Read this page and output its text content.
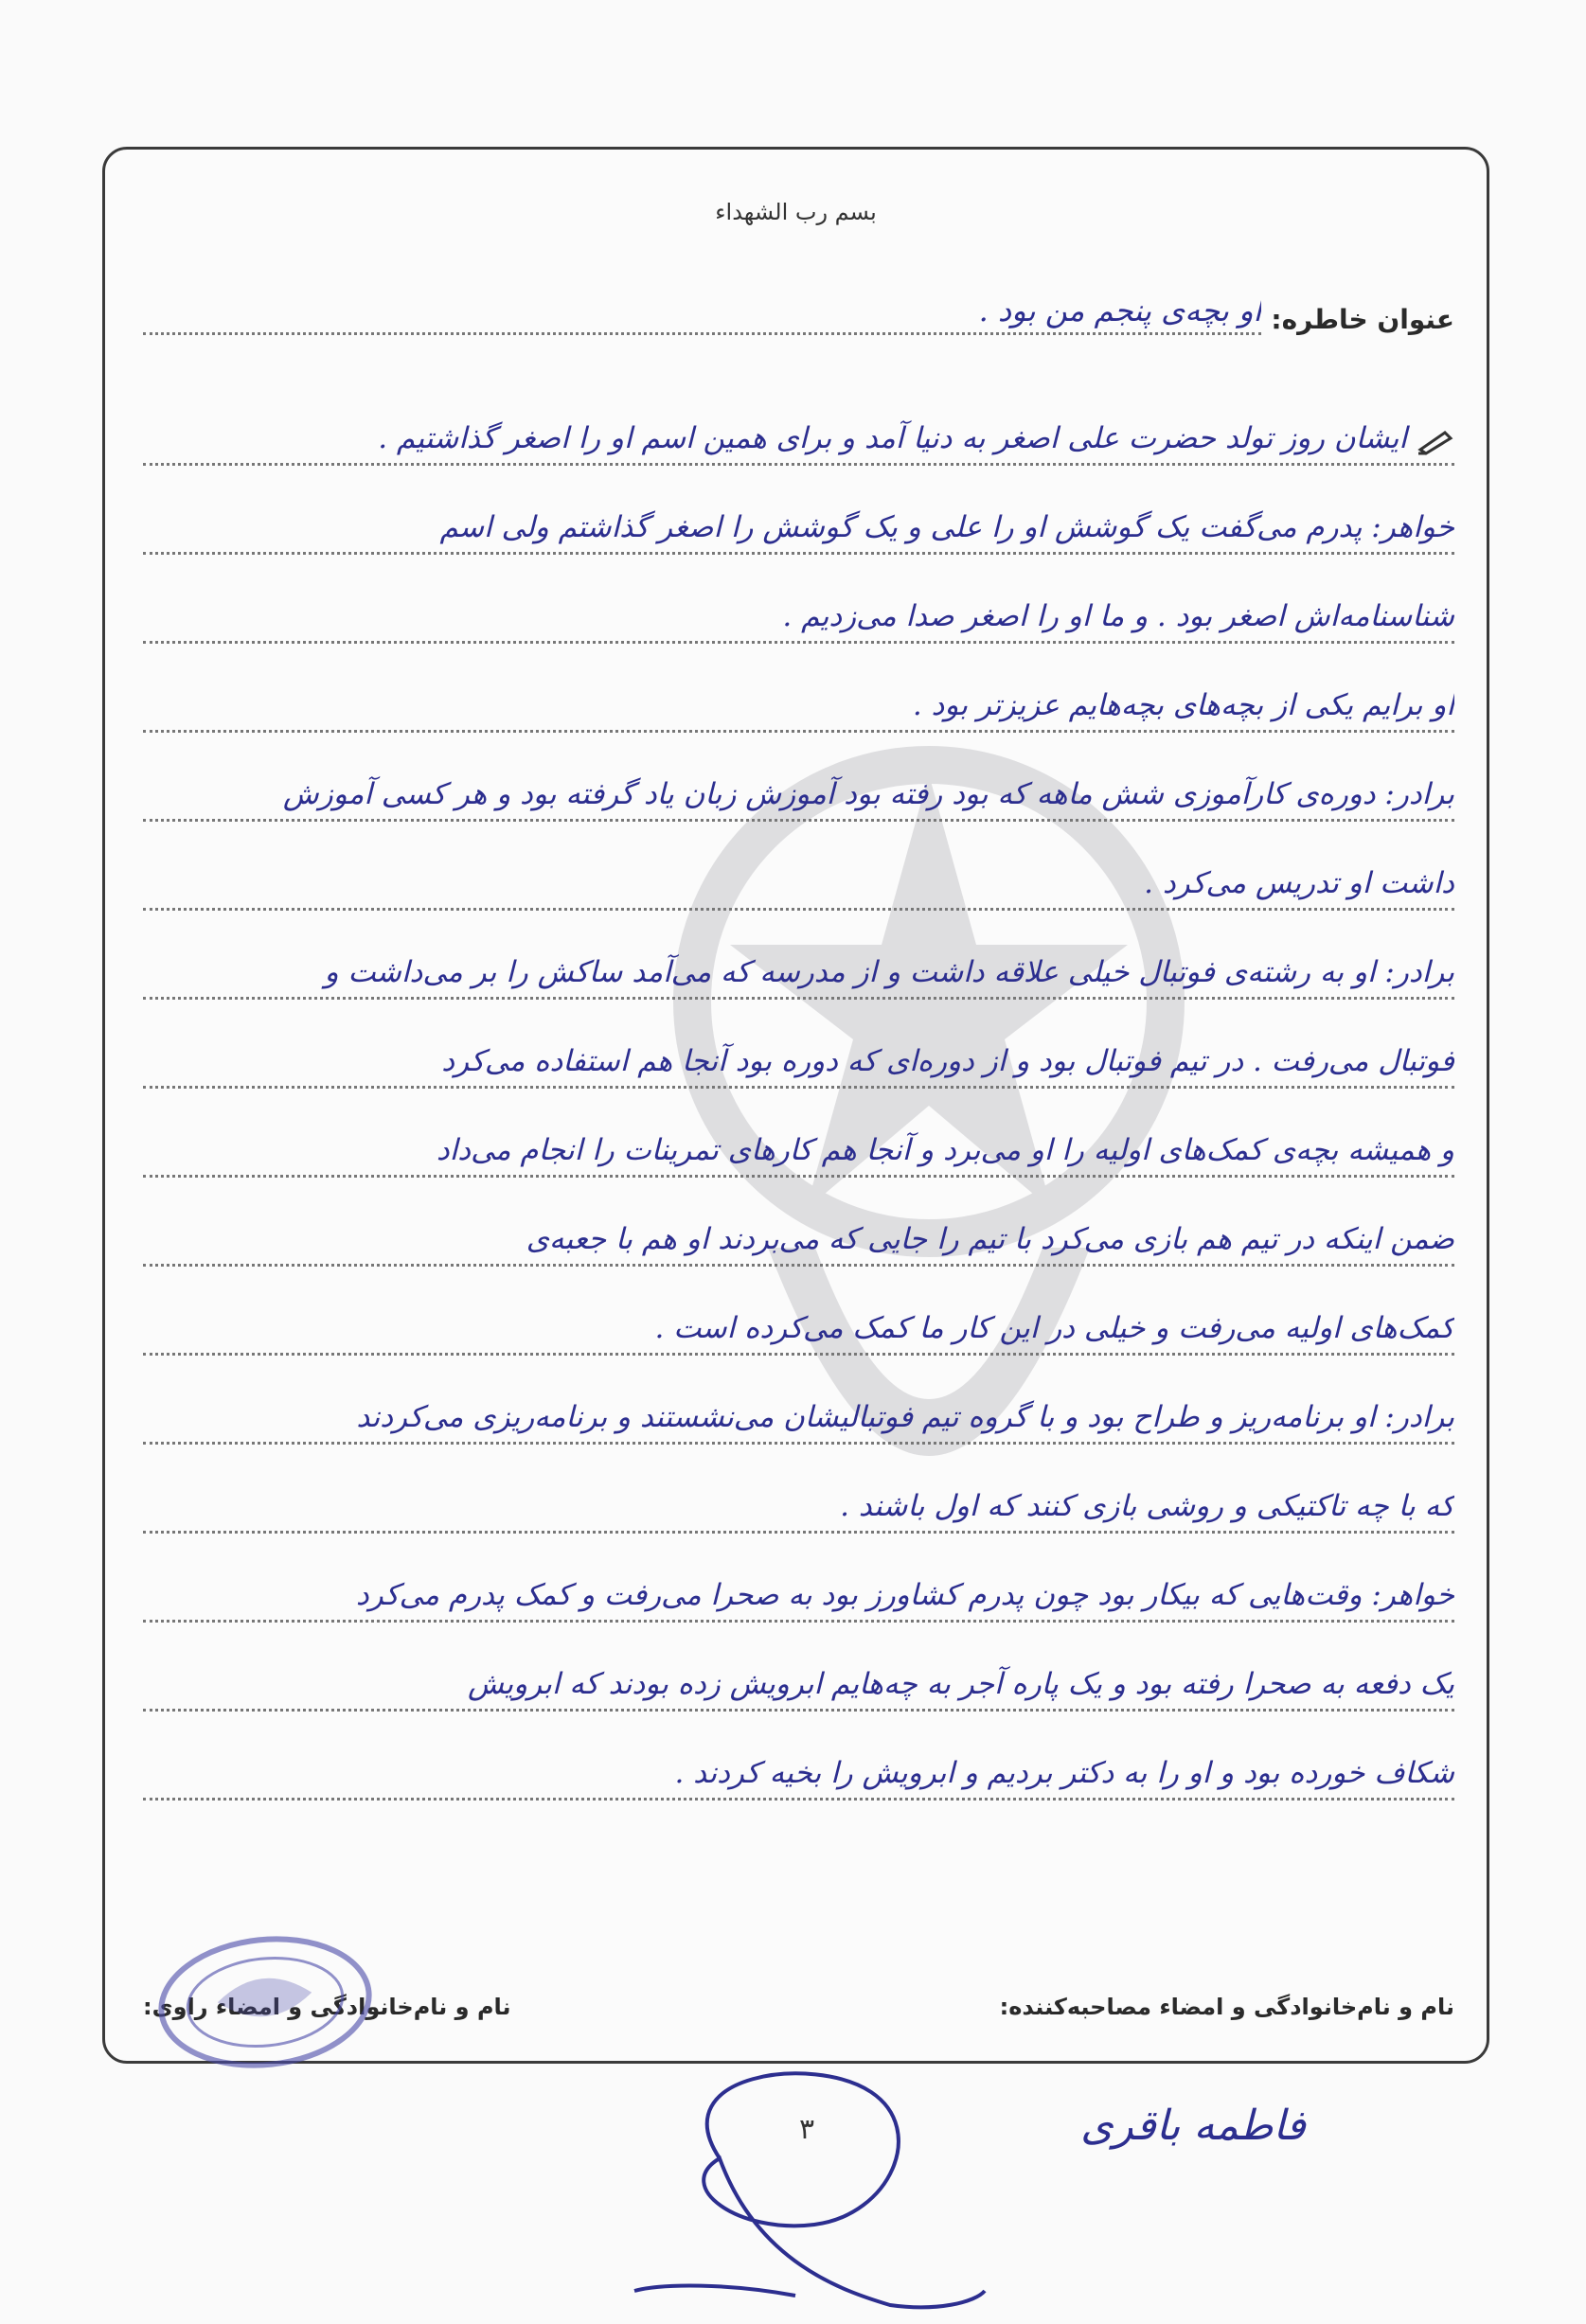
بسم رب الشهداء
عنوان خاطره:
او بچه‌ی پنجم من بود .
ایشان روز تولد حضرت علی اصغر به دنیا آمد و برای همین اسم او را اصغر گذاشتیم .
خواهر: پدرم می‌گفت یک گوشش او را علی و یک گوشش را اصغر گذاشتم ولی اسم
شناسنامه‌اش اصغر بود . و ما او را اصغر صدا می‌زدیم .
او برایم یکی از بچه‌های بچه‌هایم عزیزتر بود .
برادر: دوره‌ی کارآموزی شش ماهه که بود رفته بود آموزش زبان یاد گرفته بود و هر کسی آموزش
داشت او تدریس می‌کرد .
برادر: او به رشته‌ی فوتبال خیلی علاقه داشت و از مدرسه که می‌آمد ساکش را بر می‌داشت و
فوتبال می‌رفت . در تیم فوتبال بود و از دوره‌ای که دوره بود آنجا هم استفاده می‌کرد
و همیشه بچه‌ی کمک‌های اولیه را او می‌برد و آنجا هم کارهای تمرینات را انجام می‌داد
ضمن اینکه در تیم هم بازی می‌کرد با تیم را جایی که می‌بردند او هم با جعبه‌ی
کمک‌های اولیه می‌رفت و خیلی در این کار ما کمک می‌کرده است .
برادر: او برنامه‌ریز و طراح بود و با گروه تیم فوتبالیشان می‌نشستند و برنامه‌ریزی می‌کردند
که با چه تاکتیکی و روشی بازی کنند که اول باشند .
خواهر: وقت‌هایی که بیکار بود چون پدرم کشاورز بود به صحرا می‌رفت و کمک پدرم می‌کرد
یک دفعه به صحرا رفته بود و یک پاره آجر به چه‌هایم ابرویش زده بودند که ابرویش
شکاف خورده بود و او را به دکتر بردیم و ابرویش را بخیه کردند .
نام و نام‌خانوادگی و امضاء مصاحبه‌کننده:
نام و نام‌خانوادگی و امضاء راوی:
فاطمه باقری
۳
